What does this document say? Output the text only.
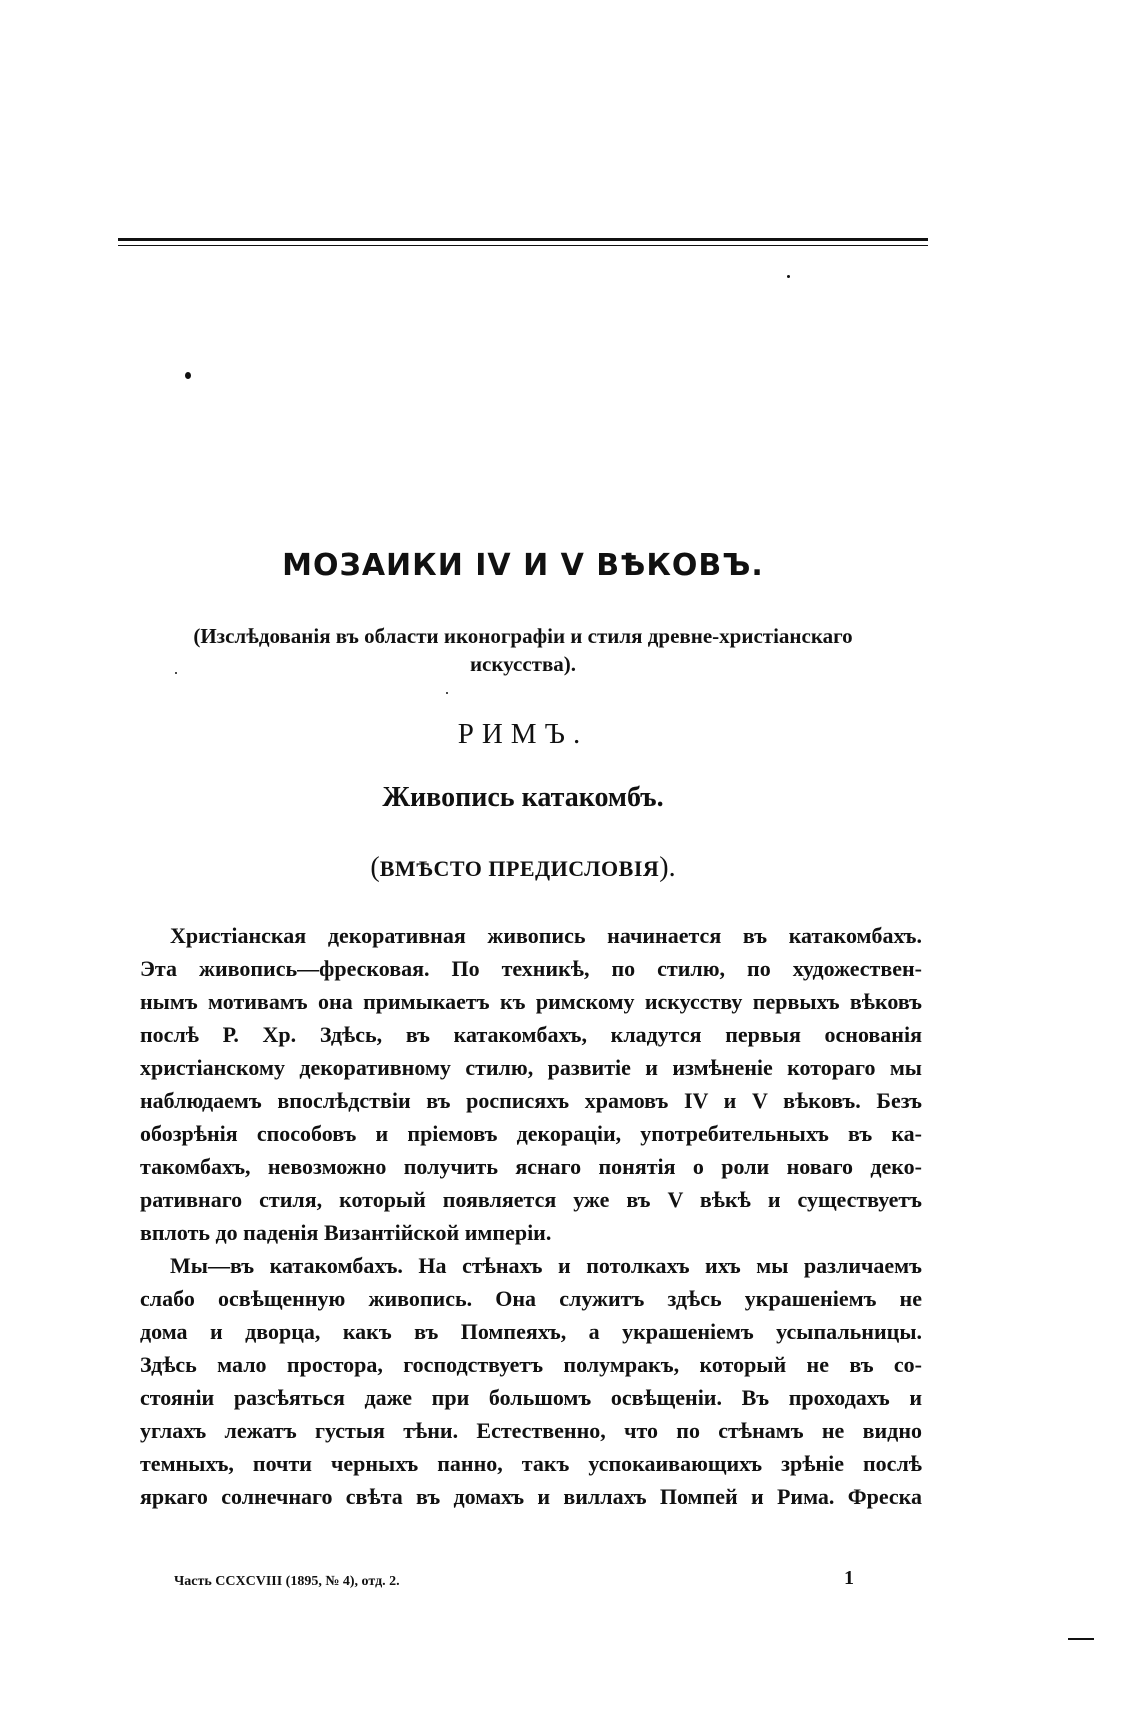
МОЗАИКИ IV И V ВѢКОВЪ.
(Изслѣдованія въ области иконографіи и стиля древне-христіанскаго
искусства).
РИМЪ.
Живопись катакомбъ.
(ВМѢСТО ПРЕДИСЛОВІЯ).
Христіанская декоративная живопись начинается въ катакомбахъ.
Эта живопись—фресковая. По техникѣ, по стилю, по художествен-
нымъ мотивамъ она примыкаетъ къ римскому искусству первыхъ вѣковъ
послѣ Р. Хр. Здѣсь, въ катакомбахъ, кладутся первыя основанія
христіанскому декоративному стилю, развитіе и измѣненіе котораго мы
наблюдаемъ впослѣдствіи въ росписяхъ храмовъ IV и V вѣковъ. Безъ
обозрѣнія способовъ и пріемовъ декораціи, употребительныхъ въ ка-
такомбахъ, невозможно получить яснаго понятія о роли новаго деко-
ративнаго стиля, который появляется уже въ V вѣкѣ и существуетъ
вплоть до паденія Византійской имперіи.
Мы—въ катакомбахъ. На стѣнахъ и потолкахъ ихъ мы различаемъ
слабо освѣщенную живопись. Она служитъ здѣсь украшеніемъ не
дома и дворца, какъ въ Помпеяхъ, а украшеніемъ усыпальницы.
Здѣсь мало простора, господствуетъ полумракъ, который не въ со-
стояніи разсѣяться даже при большомъ освѣщеніи. Въ проходахъ и
углахъ лежатъ густыя тѣни. Естественно, что по стѣнамъ не видно
темныхъ, почти черныхъ панно, такъ успокаивающихъ зрѣніе послѣ
яркаго солнечнаго свѣта въ домахъ и виллахъ Помпей и Рима. Фреска
Часть CCXCVIII (1895, № 4), отд. 2.	1
